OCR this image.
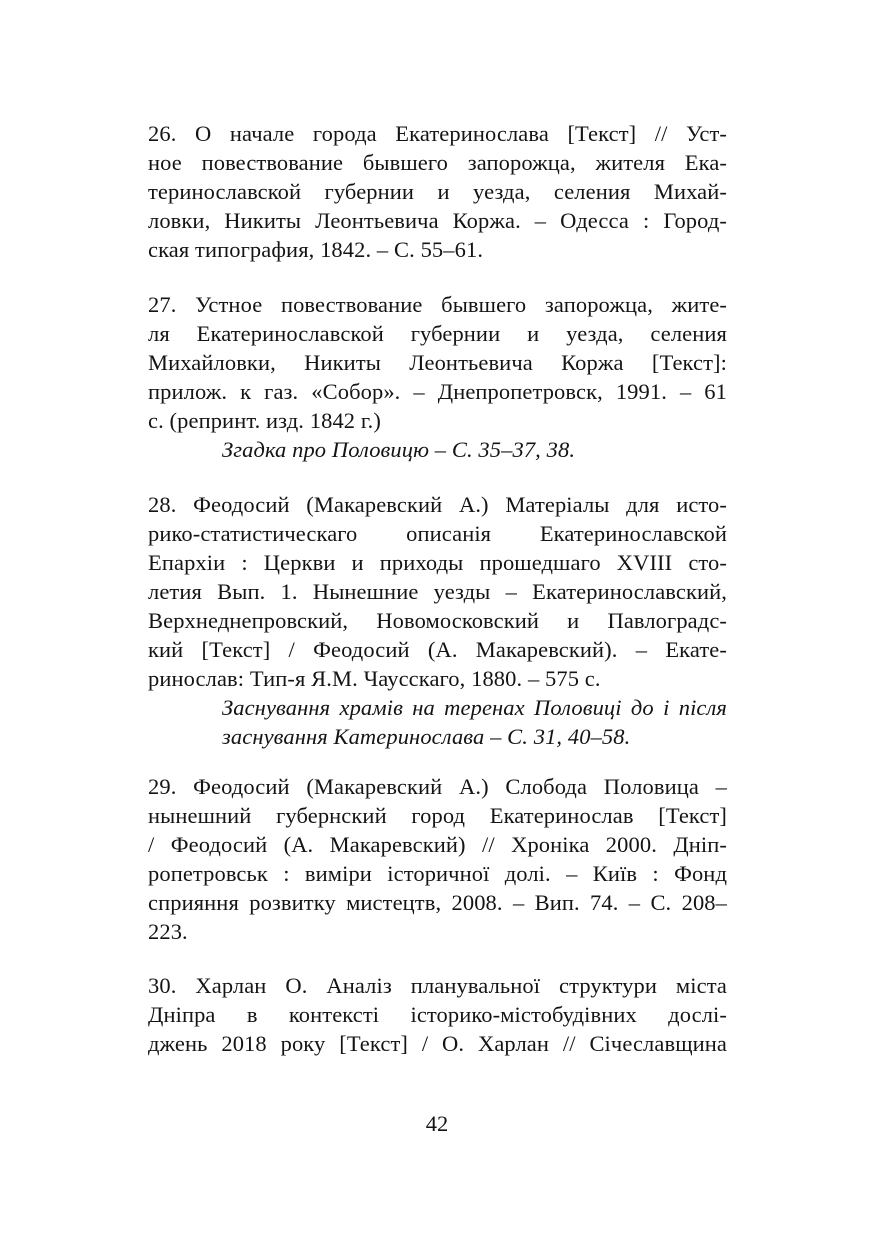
26. О начале города Екатеринослава [Текст] // Уст-
ное повествование бывшего запорожца, жителя Ека-
теринославской губернии и уезда, селения Михай-
ловки, Никиты Леонтьевича Коржа. – Одесса : Город-
ская типография, 1842. – С. 55–61.
27. Устное повествование бывшего запорожца, жите-
ля Екатеринославской губернии и уезда, селения
Михайловки, Никиты Леонтьевича Коржа [Текст]:
прилож. к газ. «Собор». – Днепропетровск, 1991. – 61
с. (репринт. изд. 1842 г.)
Згадка про Половицю – С. 35–37, 38.
28. Феодосий (Макаревский А.) Матеріалы для исто-
рико-статистическаго описанія Екатеринославской
Епархіи : Церкви и приходы прошедшаго XVIII сто-
летия Вып. 1. Нынешние уезды – Екатеринославский,
Верхнеднепровский, Новомосковский и Павлоградс-
кий [Текст] / Феодосий (А. Макаревский). – Екате-
ринослав: Тип-я Я.М. Чаусскаго, 1880. – 575 с.
Заснування храмів на теренах Половиці до і після
заснування Катеринослава – С. 31, 40–58.
29. Феодосий (Макаревский А.) Слобода Половица –
нынешний губернский город Екатеринослав [Текст]
/ Феодосий (А. Макаревский) // Хроніка 2000. Дніп-
ропетровськ : виміри історичної долі. – Київ : Фонд
сприяння розвитку мистецтв, 2008. – Вип. 74. – С. 208–
223.
30. Харлан О. Аналіз планувальної структури міста
Дніпра в контексті історико-містобудівних дослі-
джень 2018 року [Текст] / О. Харлан // Січеславщина
42
